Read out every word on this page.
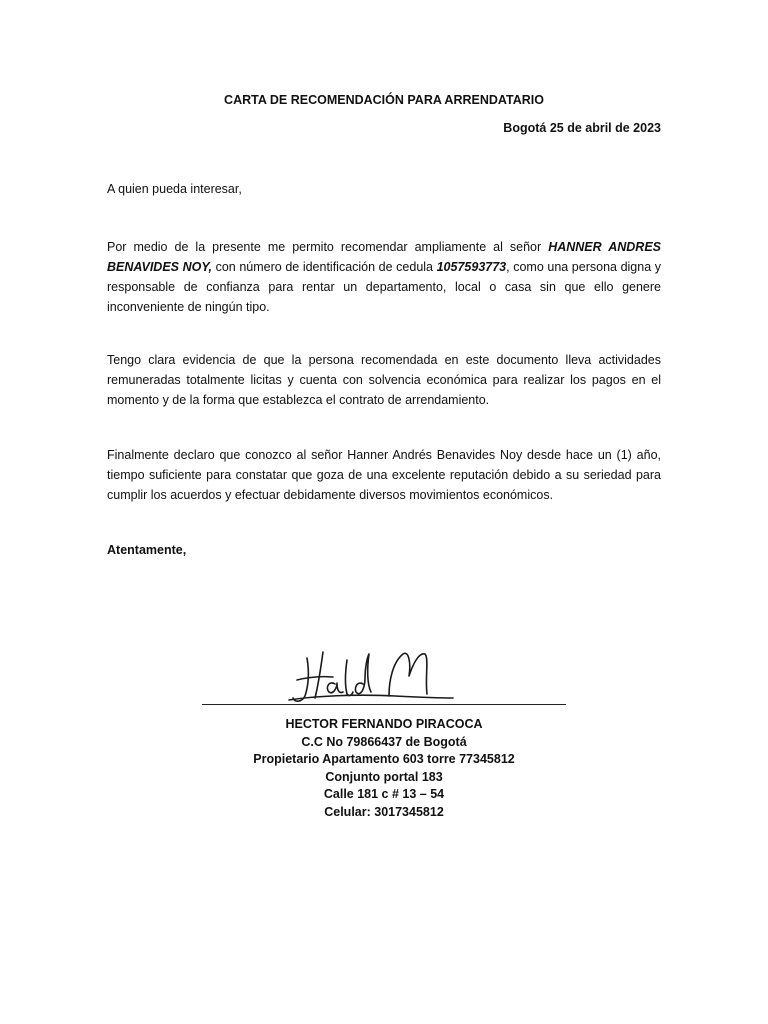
CARTA DE RECOMENDACIÓN PARA ARRENDATARIO
Bogotá 25 de abril de 2023
A quien pueda interesar,

Por medio de la presente me permito recomendar ampliamente al señor HANNER ANDRES BENAVIDES NOY, con número de identificación de cedula 1057593773, como una persona digna y responsable de confianza para rentar un departamento, local o casa sin que ello genere inconveniente de ningún tipo.

Tengo clara evidencia de que la persona recomendada en este documento lleva actividades remuneradas totalmente licitas y cuenta con solvencia económica para realizar los pagos en el momento y de la forma que establezca el contrato de arrendamiento.

Finalmente declaro que conozco al señor Hanner Andrés Benavides Noy desde hace un (1) año, tiempo suficiente para constatar que goza de una excelente reputación debido a su seriedad para cumplir los acuerdos y efectuar debidamente diversos movimientos económicos.

Atentamente,
HECTOR FERNANDO PIRACOCA
C.C No 79866437 de Bogotá
Propietario Apartamento 603 torre 77345812
Conjunto portal 183
Calle 181 c # 13 – 54
Celular: 3017345812
